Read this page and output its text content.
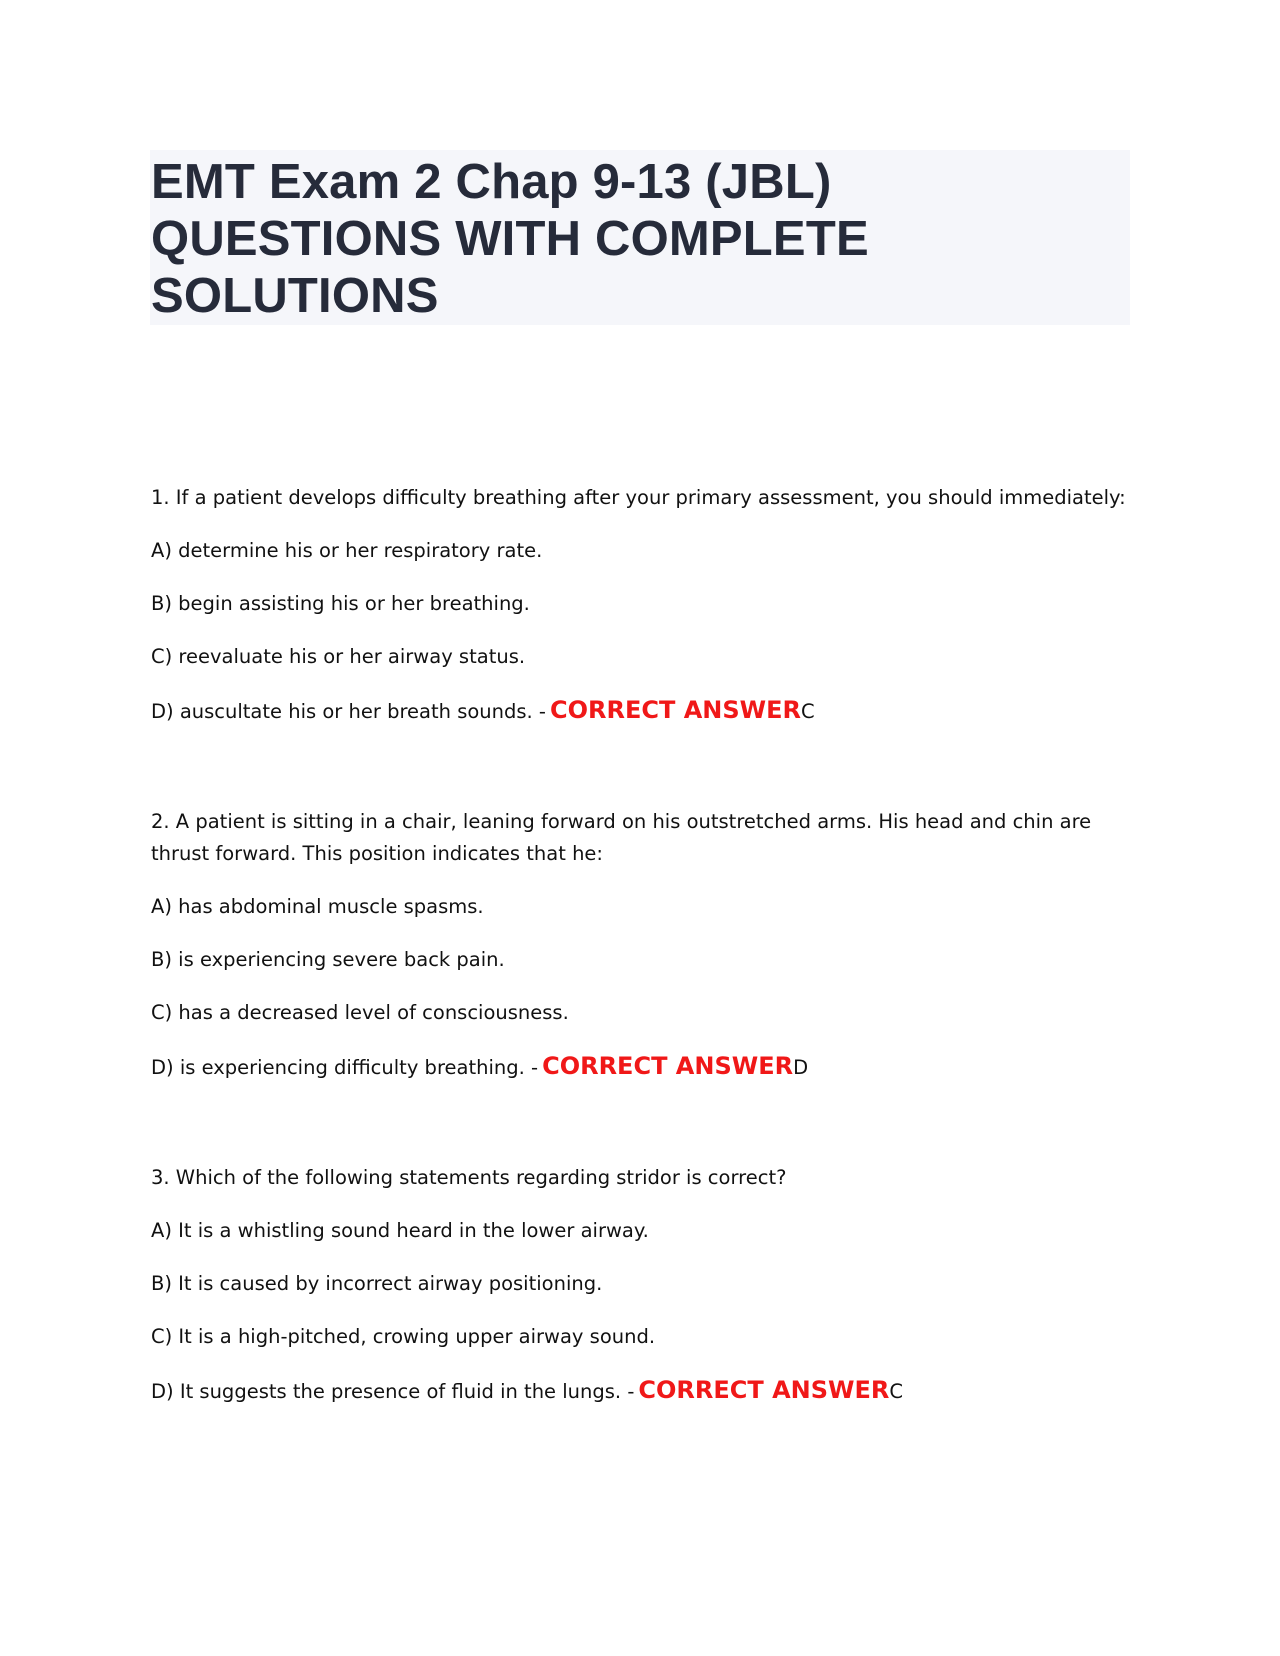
EMT Exam 2 Chap 9-13 (JBL) QUESTIONS WITH COMPLETE SOLUTIONS

1. If a patient develops difficulty breathing after your primary assessment, you should immediately:

A) determine his or her respiratory rate.

B) begin assisting his or her breathing.

C) reevaluate his or her airway status.

D) auscultate his or her breath sounds. - CORRECT ANSWERC

2. A patient is sitting in a chair, leaning forward on his outstretched arms. His head and chin are thrust forward. This position indicates that he:

A) has abdominal muscle spasms.

B) is experiencing severe back pain.

C) has a decreased level of consciousness.

D) is experiencing difficulty breathing. - CORRECT ANSWERD

3. Which of the following statements regarding stridor is correct?

A) It is a whistling sound heard in the lower airway.

B) It is caused by incorrect airway positioning.

C) It is a high-pitched, crowing upper airway sound.

D) It suggests the presence of fluid in the lungs. - CORRECT ANSWERC
